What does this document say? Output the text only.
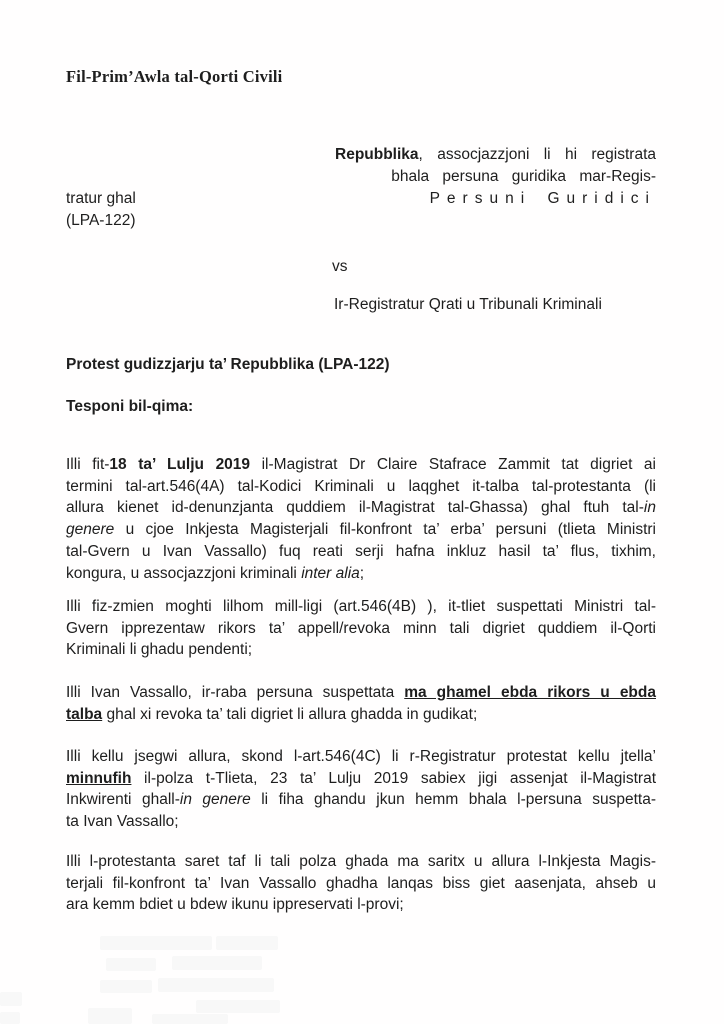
Fil-Prim’Awla tal-Qorti Civili
Repubblika, assocjazzjoni li hi registrata
bhala persuna guridika mar-Regis-
tratur ghal	Persuni Guridici
(LPA-122)
vs
Ir-Registratur Qrati u Tribunali Kriminali
Protest gudizzjarju ta’ Repubblika (LPA-122)
Tesponi bil-qima:
Illi fit-18 ta’ Lulju 2019 il-Magistrat Dr Claire Stafrace Zammit tat digriet ai
termini tal-art.546(4A) tal-Kodici Kriminali u laqghet it-talba tal-protestanta (li
allura kienet id-denunzjanta quddiem il-Magistrat tal-Ghassa) ghal ftuh tal-in
genere u cjoe Inkjesta Magisterjali fil-konfront ta’ erba’ persuni (tlieta Ministri
tal-Gvern u Ivan Vassallo) fuq reati serji hafna inkluz hasil ta’ flus, tixhim,
kongura, u assocjazzjoni kriminali inter alia;
Illi fiz-zmien moghti lilhom mill-ligi (art.546(4B) ), it-tliet suspettati Ministri tal-
Gvern ipprezentaw rikors ta’ appell/revoka minn tali digriet quddiem il-Qorti
Kriminali li ghadu pendenti;
Illi Ivan Vassallo, ir-raba persuna suspettata ma ghamel ebda rikors u ebda
talba ghal xi revoka ta’ tali digriet li allura ghadda in gudikat;
Illi kellu jsegwi allura, skond l-art.546(4C) li r-Registratur protestat kellu jtella’
minnufih il-polza t-Tlieta, 23 ta’ Lulju 2019 sabiex jigi assenjat il-Magistrat
Inkwirenti ghall-in genere li fiha ghandu jkun hemm bhala l-persuna suspetta-
ta Ivan Vassallo;
Illi l-protestanta saret taf li tali polza ghada ma saritx u allura l-Inkjesta Magis-
terjali fil-konfront ta’ Ivan Vassallo ghadha lanqas biss giet aasenjata, ahseb u
ara kemm bdiet u bdew ikunu ippreservati l-provi;
